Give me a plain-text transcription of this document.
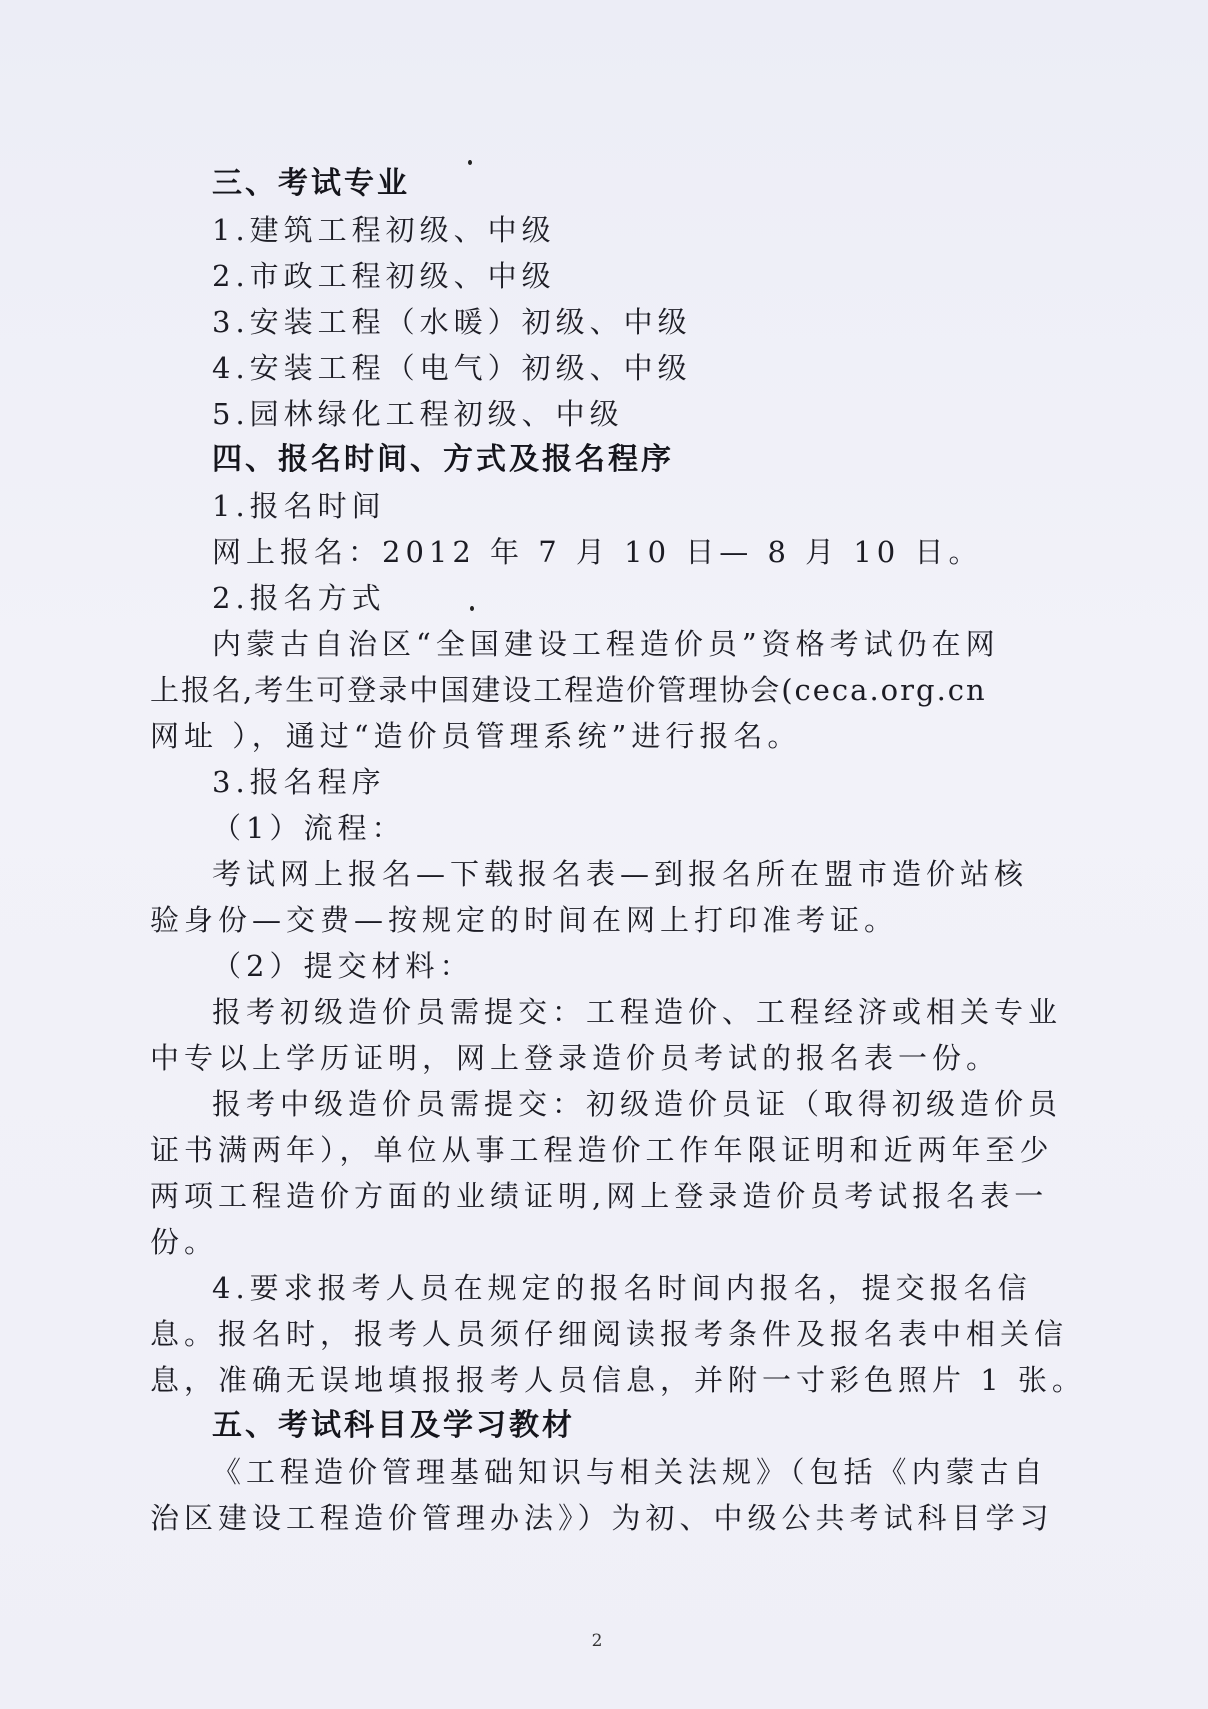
三、考试专业
1.建筑工程初级、中级
2.市政工程初级、中级
3.安装工程（水暖）初级、中级
4.安装工程（电气）初级、中级
5.园林绿化工程初级、中级
四、报名时间、方式及报名程序
1.报名时间
网上报名：2012 年 7 月 10 日— 8 月 10 日。
2.报名方式
内蒙古自治区“全国建设工程造价员”资格考试仍在网
上报名,考生可登录中国建设工程造价管理协会(ceca.org.cn
网址 ），通过“造价员管理系统”进行报名。
3.报名程序
（1）流程：
考试网上报名—下载报名表—到报名所在盟市造价站核
验身份—交费—按规定的时间在网上打印准考证。
（2）提交材料：
报考初级造价员需提交：工程造价、工程经济或相关专业
中专以上学历证明，网上登录造价员考试的报名表一份。
报考中级造价员需提交：初级造价员证（取得初级造价员
证书满两年），单位从事工程造价工作年限证明和近两年至少
两项工程造价方面的业绩证明,网上登录造价员考试报名表一
份。
4.要求报考人员在规定的报名时间内报名，提交报名信
息。报名时，报考人员须仔细阅读报考条件及报名表中相关信
息，准确无误地填报报考人员信息，并附一寸彩色照片 1 张。
五、考试科目及学习教材
《工程造价管理基础知识与相关法规》（包括《内蒙古自
治区建设工程造价管理办法》）为初、中级公共考试科目学习
2
